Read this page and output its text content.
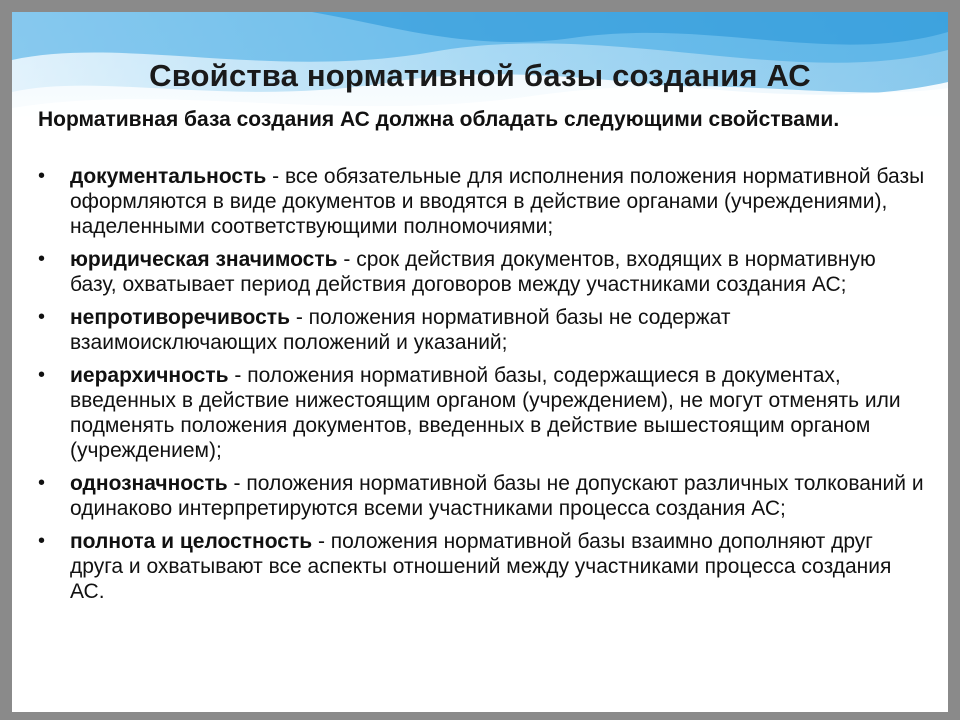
Свойства нормативной базы создания АС

Нормативная база создания АС должна обладать следующими свойствами.

• документальность - все обязательные для исполнения положения нормативной базы оформляются в виде документов и вводятся в действие органами (учреждениями), наделенными соответствующими полномочиями;
• юридическая значимость - срок действия документов, входящих в нормативную базу, охватывает период действия договоров между участниками создания АС;
• непротиворечивость - положения нормативной базы не содержат взаимоисключающих положений и указаний;
• иерархичность - положения нормативной базы, содержащиеся в документах, введенных в действие нижестоящим органом (учреждением), не могут отменять или подменять положения документов, введенных в действие вышестоящим органом (учреждением);
• однозначность - положения нормативной базы не допускают различных толкований и одинаково интерпретируются всеми участниками процесса создания АС;
• полнота и целостность - положения нормативной базы взаимно дополняют друг друга и охватывают все аспекты отношений между участниками процесса создания АС.
